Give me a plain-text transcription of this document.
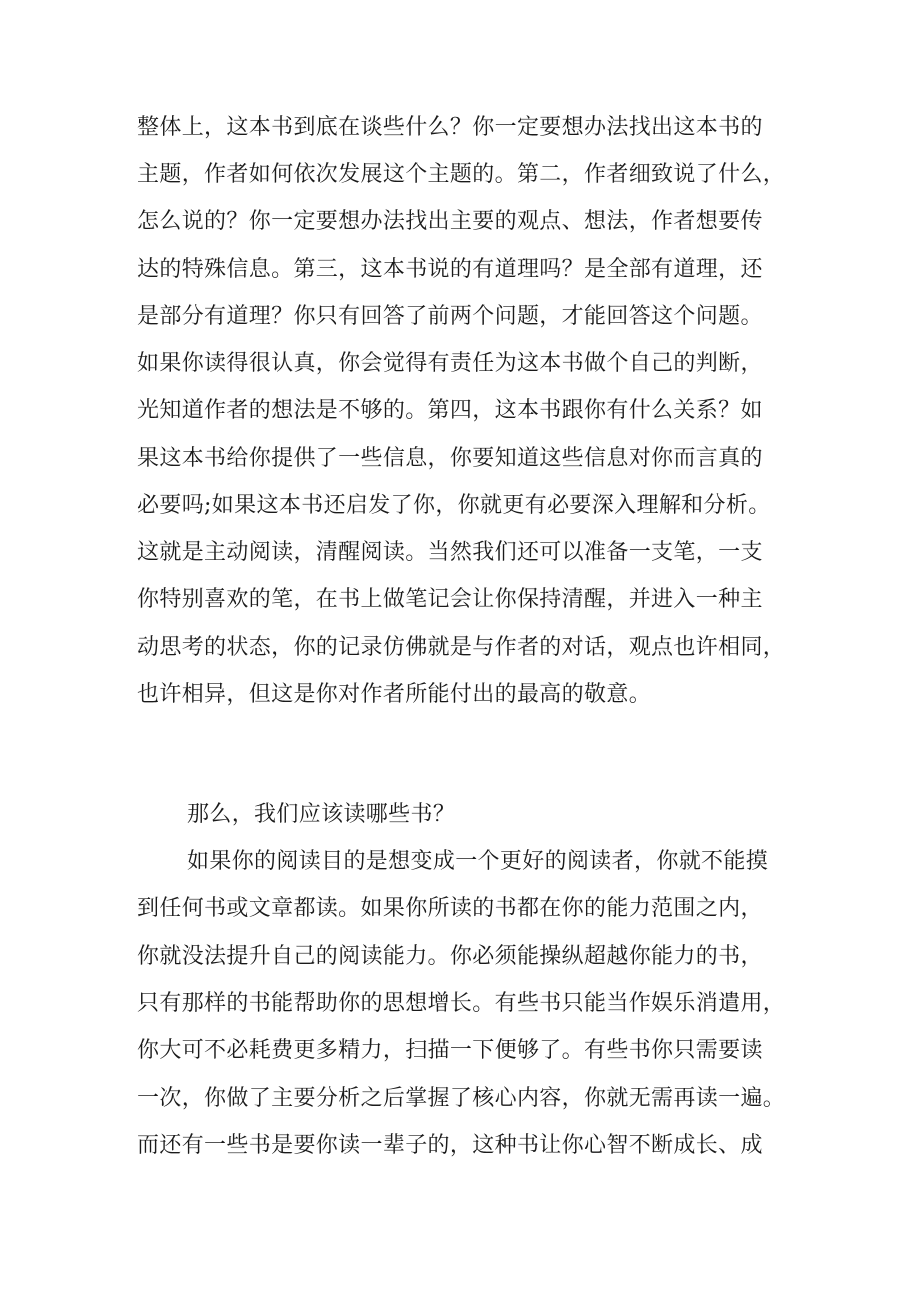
整体上，这本书到底在谈些什么？你一定要想办法找出这本书的
主题，作者如何依次发展这个主题的。第二，作者细致说了什么，
怎么说的？你一定要想办法找出主要的观点、想法，作者想要传
达的特殊信息。第三，这本书说的有道理吗？是全部有道理，还
是部分有道理？你只有回答了前两个问题，才能回答这个问题。
如果你读得很认真，你会觉得有责任为这本书做个自己的判断，
光知道作者的想法是不够的。第四，这本书跟你有什么关系？如
果这本书给你提供了一些信息，你要知道这些信息对你而言真的
必要吗;如果这本书还启发了你，你就更有必要深入理解和分析。
这就是主动阅读，清醒阅读。当然我们还可以准备一支笔，一支
你特别喜欢的笔，在书上做笔记会让你保持清醒，并进入一种主
动思考的状态，你的记录仿佛就是与作者的对话，观点也许相同，
也许相异，但这是你对作者所能付出的最高的敬意。
那么，我们应该读哪些书？
如果你的阅读目的是想变成一个更好的阅读者，你就不能摸
到任何书或文章都读。如果你所读的书都在你的能力范围之内，
你就没法提升自己的阅读能力。你必须能操纵超越你能力的书，
只有那样的书能帮助你的思想增长。有些书只能当作娱乐消遣用，
你大可不必耗费更多精力，扫描一下便够了。有些书你只需要读
一次，你做了主要分析之后掌握了核心内容，你就无需再读一遍。
而还有一些书是要你读一辈子的，这种书让你心智不断成长、成
